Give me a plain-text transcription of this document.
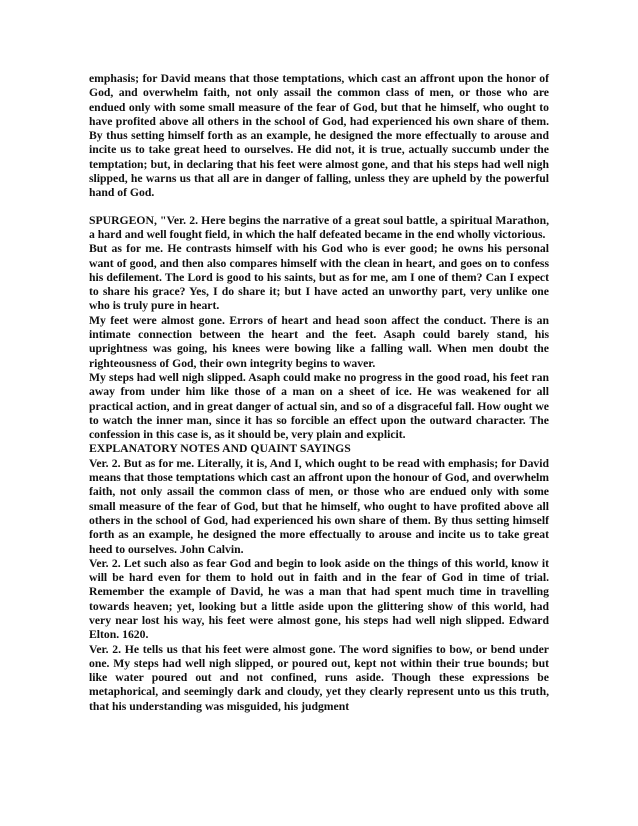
emphasis; for David means that those temptations, which cast an affront upon the honor of God, and overwhelm faith, not only assail the common class of men, or those who are endued only with some small measure of the fear of God, but that he himself, who ought to have profited above all others in the school of God, had experienced his own share of them. By thus setting himself forth as an example, he designed the more effectually to arouse and incite us to take great heed to ourselves. He did not, it is true, actually succumb under the temptation; but, in declaring that his feet were almost gone, and that his steps had well nigh slipped, he warns us that all are in danger of falling, unless they are upheld by the powerful hand of God.

SPURGEON, "Ver. 2. Here begins the narrative of a great soul battle, a spiritual Marathon, a hard and well fought field, in which the half defeated became in the end wholly victorious.

But as for me. He contrasts himself with his God who is ever good; he owns his personal want of good, and then also compares himself with the clean in heart, and goes on to confess his defilement. The Lord is good to his saints, but as for me, am I one of them? Can I expect to share his grace? Yes, I do share it; but I have acted an unworthy part, very unlike one who is truly pure in heart.

My feet were almost gone. Errors of heart and head soon affect the conduct. There is an intimate connection between the heart and the feet. Asaph could barely stand, his uprightness was going, his knees were bowing like a falling wall. When men doubt the righteousness of God, their own integrity begins to waver.

My steps had well nigh slipped. Asaph could make no progress in the good road, his feet ran away from under him like those of a man on a sheet of ice. He was weakened for all practical action, and in great danger of actual sin, and so of a disgraceful fall. How ought we to watch the inner man, since it has so forcible an effect upon the outward character. The confession in this case is, as it should be, very plain and explicit.

EXPLANATORY NOTES AND QUAINT SAYINGS

Ver. 2. But as for me. Literally, it is, And I, which ought to be read with emphasis; for David means that those temptations which cast an affront upon the honour of God, and overwhelm faith, not only assail the common class of men, or those who are endued only with some small measure of the fear of God, but that he himself, who ought to have profited above all others in the school of God, had experienced his own share of them. By thus setting himself forth as an example, he designed the more effectually to arouse and incite us to take great heed to ourselves. John Calvin.

Ver. 2. Let such also as fear God and begin to look aside on the things of this world, know it will be hard even for them to hold out in faith and in the fear of God in time of trial. Remember the example of David, he was a man that had spent much time in travelling towards heaven; yet, looking but a little aside upon the glittering show of this world, had very near lost his way, his feet were almost gone, his steps had well nigh slipped. Edward Elton. 1620.

Ver. 2. He tells us that his feet were almost gone. The word signifies to bow, or bend under one. My steps had well nigh slipped, or poured out, kept not within their true bounds; but like water poured out and not confined, runs aside. Though these expressions be metaphorical, and seemingly dark and cloudy, yet they clearly represent unto us this truth, that his understanding was misguided, his judgment
